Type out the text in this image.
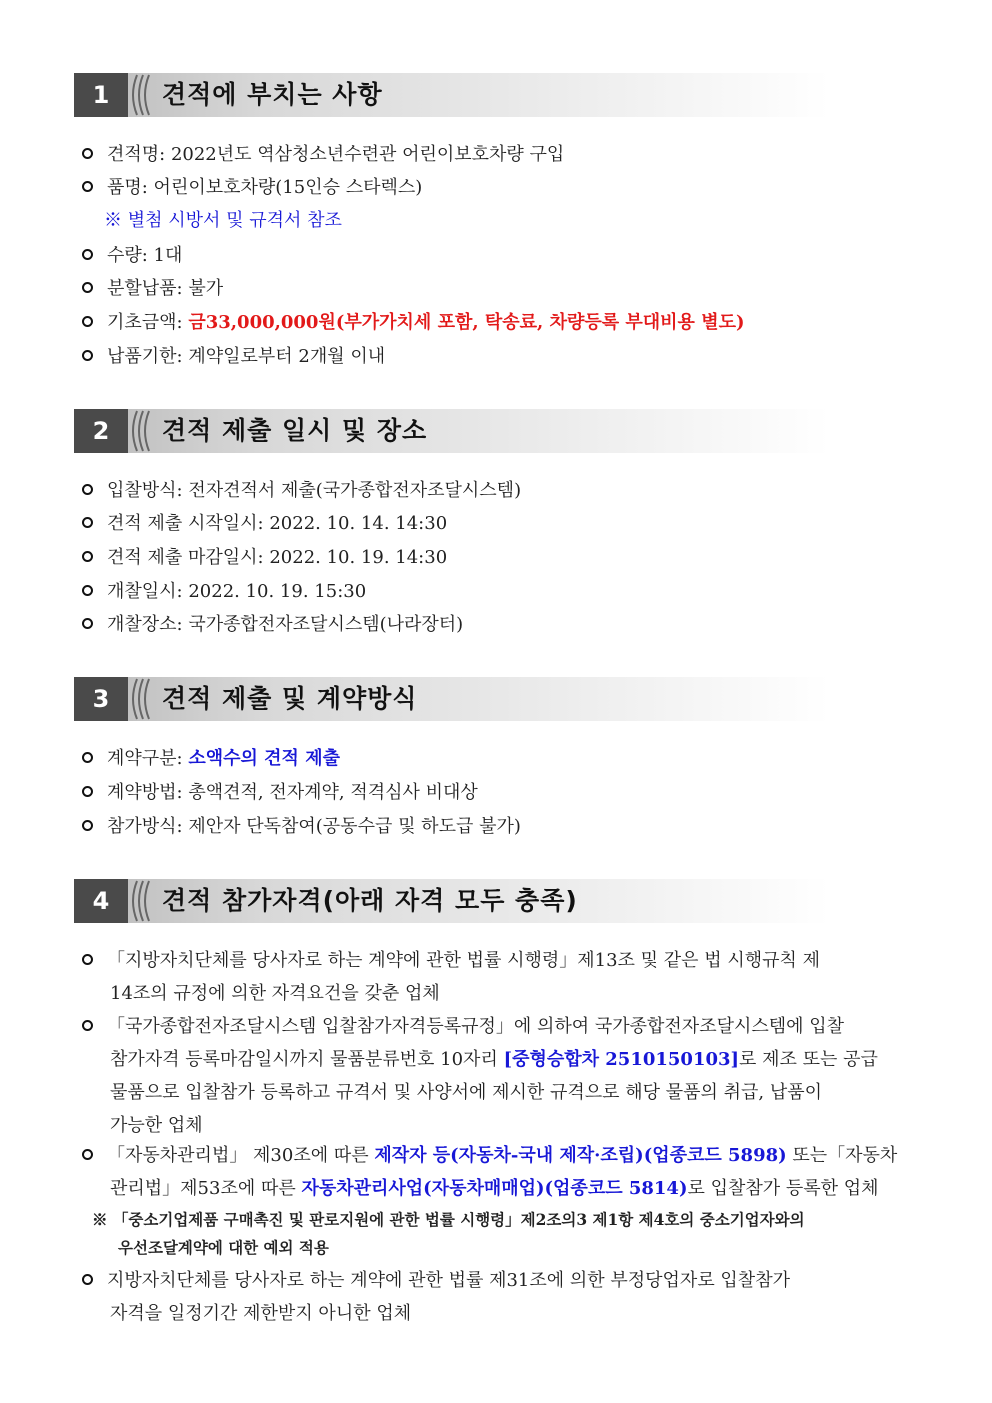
1	견적에 부치는 사항
견적명: 2022년도 역삼청소년수련관 어린이보호차량 구입
품명: 어린이보호차량(15인승 스타렉스)
※ 별첨 시방서 및 규격서 참조
수량: 1대
분할납품: 불가
기초금액: 금33,000,000원(부가가치세 포함, 탁송료, 차량등록 부대비용 별도)
납품기한: 계약일로부터 2개월 이내
2	견적 제출 일시 및 장소
입찰방식: 전자견적서 제출(국가종합전자조달시스템)
견적 제출 시작일시: 2022. 10. 14. 14:30
견적 제출 마감일시: 2022. 10. 19. 14:30
개찰일시: 2022. 10. 19. 15:30
개찰장소: 국가종합전자조달시스템(나라장터)
3	견적 제출 및 계약방식
계약구분: 소액수의 견적 제출
계약방법: 총액견적, 전자계약, 적격심사 비대상
참가방식: 제안자 단독참여(공동수급 및 하도급 불가)
4	견적 참가자격(아래 자격 모두 충족)
「지방자치단체를 당사자로 하는 계약에 관한 법률 시행령」제13조 및 같은 법 시행규칙 제
14조의 규정에 의한 자격요건을 갖춘 업체
「국가종합전자조달시스템 입찰참가자격등록규정」에 의하여 국가종합전자조달시스템에 입찰
참가자격 등록마감일시까지 물품분류번호 10자리 [중형승합차 2510150103]로 제조 또는 공급
물품으로 입찰참가 등록하고 규격서 및 사양서에 제시한 규격으로 해당 물품의 취급, 납품이
가능한 업체
「자동차관리법」 제30조에 따른 제작자 등(자동차-국내 제작·조립)(업종코드 5898) 또는「자동차
관리법」제53조에 따른 자동차관리사업(자동차매매업)(업종코드 5814)로 입찰참가 등록한 업체
※ 「중소기업제품 구매촉진 및 판로지원에 관한 법률 시행령」제2조의3 제1항 제4호의 중소기업자와의
우선조달계약에 대한 예외 적용
지방자치단체를 당사자로 하는 계약에 관한 법률 제31조에 의한 부정당업자로 입찰참가
자격을 일정기간 제한받지 아니한 업체
